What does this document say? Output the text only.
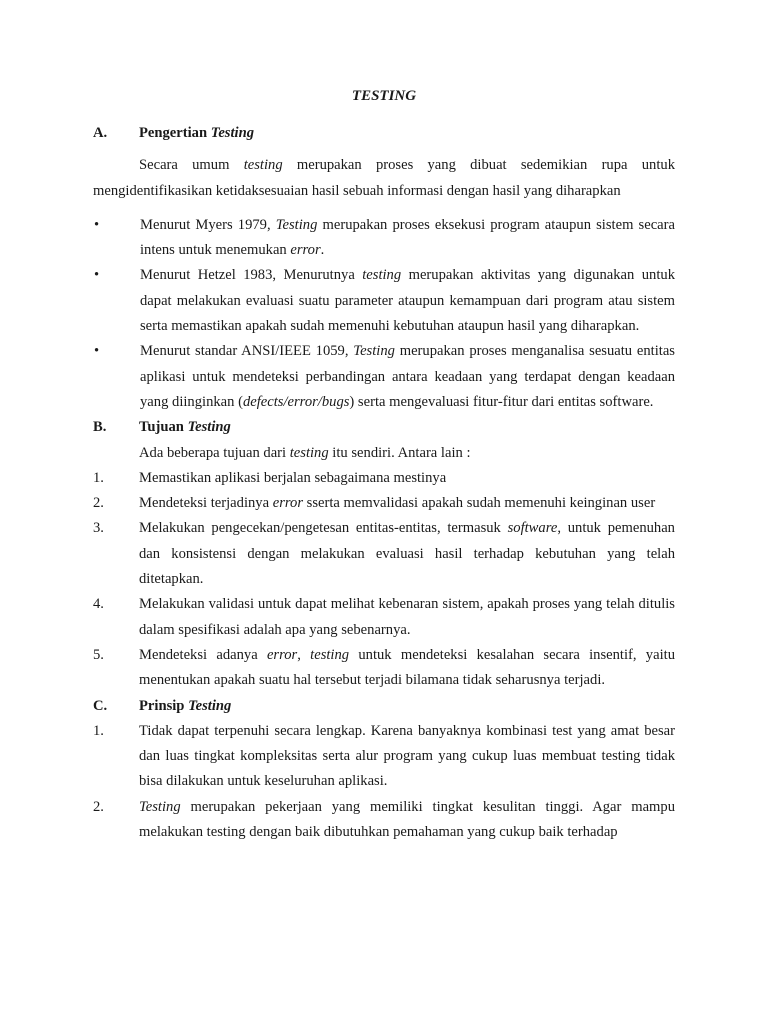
TESTING
A.	Pengertian Testing
Secara umum testing merupakan proses yang dibuat sedemikian rupa untuk mengidentifikasikan ketidaksesuaian hasil sebuah informasi dengan hasil yang diharapkan
•	Menurut Myers 1979, Testing merupakan proses eksekusi program ataupun sistem secara intens untuk menemukan error.
•	Menurut Hetzel 1983, Menurutnya testing merupakan aktivitas yang digunakan untuk dapat melakukan evaluasi suatu parameter ataupun kemampuan dari program atau sistem serta memastikan apakah sudah memenuhi kebutuhan ataupun hasil yang diharapkan.
•	Menurut standar ANSI/IEEE 1059, Testing merupakan proses menganalisa sesuatu entitas aplikasi untuk mendeteksi perbandingan antara keadaan yang terdapat dengan keadaan yang diinginkan (defects/error/bugs) serta mengevaluasi fitur-fitur dari entitas software.
B.	Tujuan Testing
Ada beberapa tujuan dari testing itu sendiri. Antara lain :
1.	Memastikan aplikasi berjalan sebagaimana mestinya
2.	Mendeteksi terjadinya error sserta memvalidasi apakah sudah memenuhi keinginan user
3.	Melakukan pengecekan/pengetesan entitas-entitas, termasuk software, untuk pemenuhan dan konsistensi dengan melakukan evaluasi hasil terhadap kebutuhan yang telah ditetapkan.
4.	Melakukan validasi untuk dapat melihat kebenaran sistem, apakah proses yang telah ditulis dalam spesifikasi adalah apa yang sebenarnya.
5.	Mendeteksi adanya error, testing untuk mendeteksi kesalahan secara insentif, yaitu menentukan apakah suatu hal tersebut terjadi bilamana tidak seharusnya terjadi.
C.	Prinsip Testing
1.	Tidak dapat terpenuhi secara lengkap. Karena banyaknya kombinasi test yang amat besar dan luas tingkat kompleksitas serta alur program yang cukup luas membuat testing tidak bisa dilakukan untuk keseluruhan aplikasi.
2.	Testing merupakan pekerjaan yang memiliki tingkat kesulitan tinggi. Agar mampu melakukan testing dengan baik dibutuhkan pemahaman yang cukup baik terhadap
